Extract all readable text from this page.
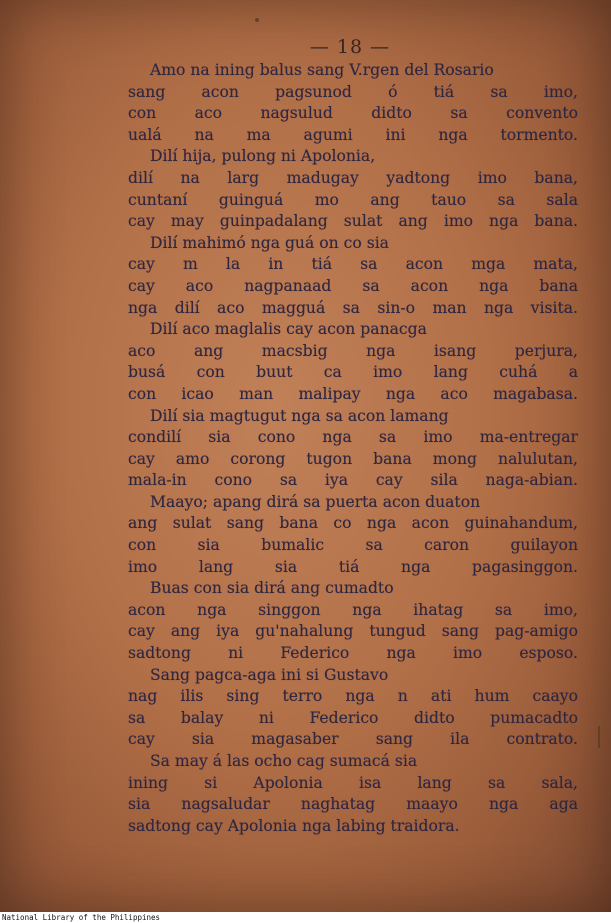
— 18 —
Amo na ining balus sang V.rgen del Rosario
sang acon pagsunod ó tiá sa imo,
con aco nagsulud didto sa convento
ualá na ma agumi ini nga tormento.
Dilí hija, pulong ni Apolonia,
dilí na larg madugay yadtong imo bana,
cuntaní guinguá mo ang tauo sa sala
cay may guinpadalang sulat ang imo nga bana.
Dilí mahimó nga guá on co sia
cay m la in tiá sa acon mga mata,
cay aco nagpanaad sa acon nga bana
nga dilí aco magguá sa sin-o man nga visita.
Dilí aco maglalis cay acon panacga
aco ang macsbig nga isang perjura,
busá con buut ca imo lang cuhá a
con icao man malipay nga aco magabasa.
Dilí sia magtugut nga sa acon lamang
condilí sia cono nga sa imo ma-entregar
cay amo corong tugon bana mong nalulutan,
mala-in cono sa iya cay sila naga-abian.
Maayo; apang dirá sa puerta acon duaton
ang sulat sang bana co nga acon guinahandum,
con sia bumalic sa caron guilayon
imo lang sia tiá nga pagasinggon.
Buas con sia dirá ang cumadto
acon nga singgon nga ihatag sa imo,
cay ang iya gu'nahalung tungud sang pag-amigo
sadtong ni Federico nga imo esposo.
Sang pagca-aga ini si Gustavo
nag ilis sing terro nga n ati hum caayo
sa balay ni Federico didto pumacadto
cay sia magasaber sang ila contrato.
Sa may á las ocho cag sumacá sia
ining si Apolonia isa lang sa sala,
sia nagsaludar naghatag maayo nga aga
sadtong cay Apolonia nga labing traidora.
National Library of the Philippines
